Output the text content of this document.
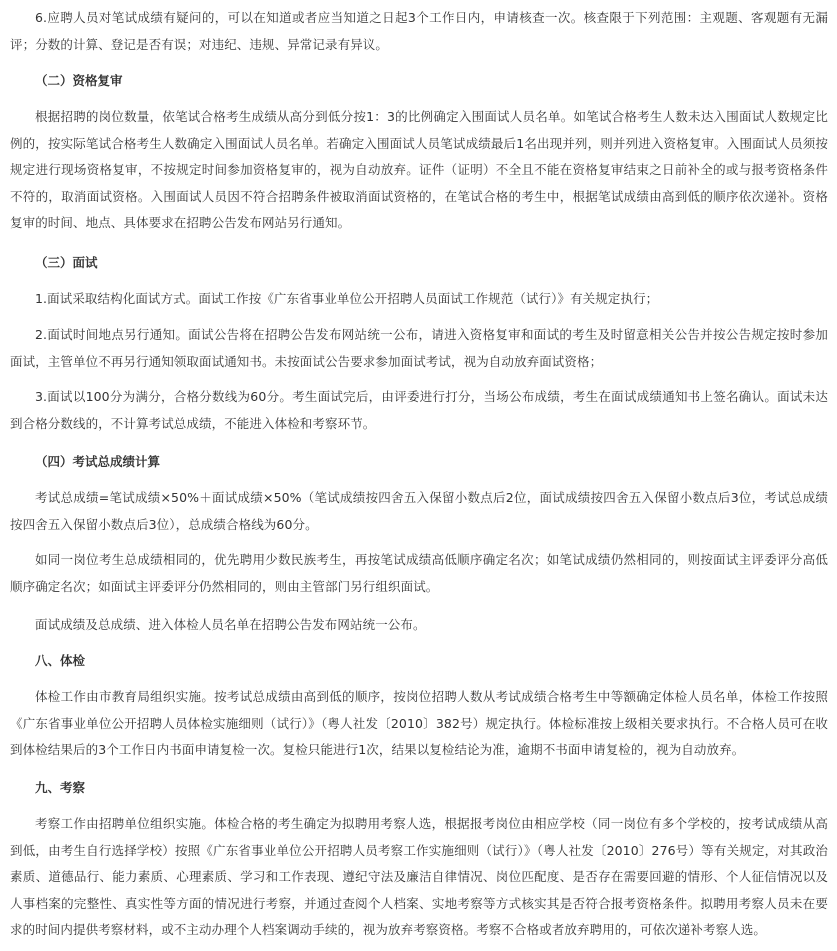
6.应聘人员对笔试成绩有疑问的，可以在知道或者应当知道之日起3个工作日内，申请核查一次。核查限于下列范围：主观题、客观题有无漏评；分数的计算、登记是否有误；对违纪、违规、异常记录有异议。

（二）资格复审

根据招聘的岗位数量，依笔试合格考生成绩从高分到低分按1：3的比例确定入围面试人员名单。如笔试合格考生人数未达入围面试人数规定比例的，按实际笔试合格考生人数确定入围面试人员名单。若确定入围面试人员笔试成绩最后1名出现并列，则并列进入资格复审。入围面试人员须按规定进行现场资格复审，不按规定时间参加资格复审的，视为自动放弃。证件（证明）不全且不能在资格复审结束之日前补全的或与报考资格条件不符的，取消面试资格。入围面试人员因不符合招聘条件被取消面试资格的，在笔试合格的考生中，根据笔试成绩由高到低的顺序依次递补。资格复审的时间、地点、具体要求在招聘公告发布网站另行通知。

（三）面试

1.面试采取结构化面试方式。面试工作按《广东省事业单位公开招聘人员面试工作规范（试行）》有关规定执行；

2.面试时间地点另行通知。面试公告将在招聘公告发布网站统一公布，请进入资格复审和面试的考生及时留意相关公告并按公告规定按时参加面试，主管单位不再另行通知领取面试通知书。未按面试公告要求参加面试考试，视为自动放弃面试资格；

3.面试以100分为满分，合格分数线为60分。考生面试完后，由评委进行打分，当场公布成绩，考生在面试成绩通知书上签名确认。面试未达到合格分数线的，不计算考试总成绩，不能进入体检和考察环节。

（四）考试总成绩计算

考试总成绩=笔试成绩×50%＋面试成绩×50%（笔试成绩按四舍五入保留小数点后2位，面试成绩按四舍五入保留小数点后3位，考试总成绩按四舍五入保留小数点后3位），总成绩合格线为60分。

如同一岗位考生总成绩相同的，优先聘用少数民族考生，再按笔试成绩高低顺序确定名次；如笔试成绩仍然相同的，则按面试主评委评分高低顺序确定名次；如面试主评委评分仍然相同的，则由主管部门另行组织面试。

面试成绩及总成绩、进入体检人员名单在招聘公告发布网站统一公布。

八、体检

体检工作由市教育局组织实施。按考试总成绩由高到低的顺序，按岗位招聘人数从考试成绩合格考生中等额确定体检人员名单，体检工作按照《广东省事业单位公开招聘人员体检实施细则（试行）》（粤人社发〔2010〕382号）规定执行。体检标准按上级相关要求执行。不合格人员可在收到体检结果后的3个工作日内书面申请复检一次。复检只能进行1次，结果以复检结论为准，逾期不书面申请复检的，视为自动放弃。

九、考察

考察工作由招聘单位组织实施。体检合格的考生确定为拟聘用考察人选，根据报考岗位由相应学校（同一岗位有多个学校的，按考试成绩从高到低，由考生自行选择学校）按照《广东省事业单位公开招聘人员考察工作实施细则（试行）》（粤人社发〔2010〕276号）等有关规定，对其政治素质、道德品行、能力素质、心理素质、学习和工作表现、遵纪守法及廉洁自律情况、岗位匹配度、是否存在需要回避的情形、个人征信情况以及人事档案的完整性、真实性等方面的情况进行考察，并通过查阅个人档案、实地考察等方式核实其是否符合报考资格条件。拟聘用考察人员未在要求的时间内提供考察材料，或不主动办理个人档案调动手续的，视为放弃考察资格。考察不合格或者放弃聘用的，可依次递补考察人选。
